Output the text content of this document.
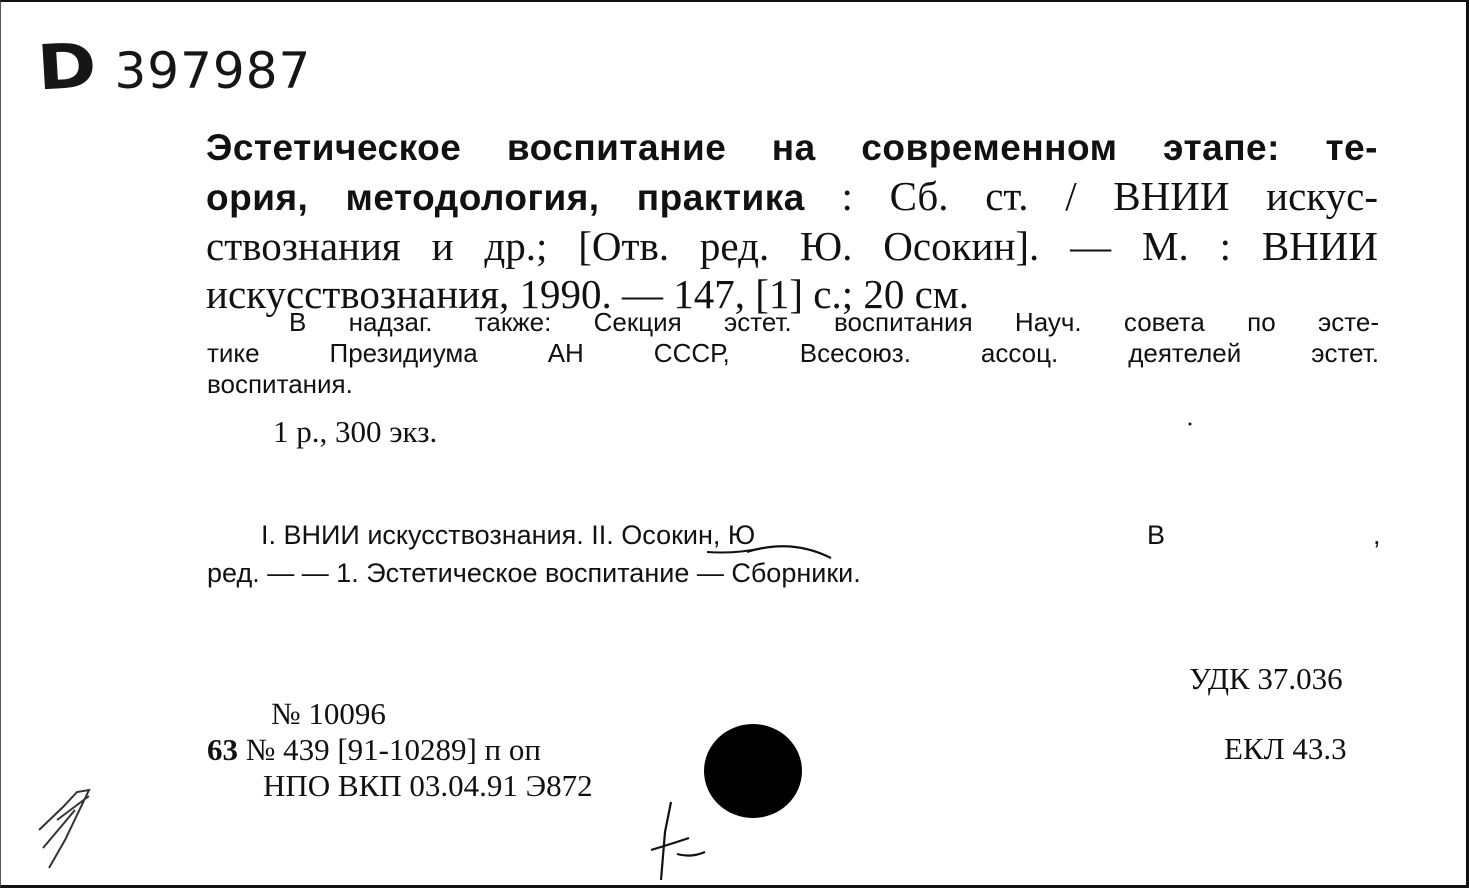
D 397987
Эстетическое воспитание на современном этапе: те-
ория, методология, практика : Сб. ст. / ВНИИ искус-
ствознания и др.; [Отв. ред. Ю. Осокин]. — М. : ВНИИ
искусствознания, 1990. — 147, [1] с.; 20 см.
В надзаг. также: Секция эстет. воспитания Науч. совета по эсте-
тике Президиума АН СССР, Всесоюз. ассоц. деятелей эстет.
воспитания.
1 р., 300 экз.
I. ВНИИ искусствознания. II. Осокин, Ю	В	,
ред. — — 1. Эстетическое воспитание — Сборники.
УДК 37.036
ЕКЛ 43.3
№ 10096
63 № 439 [91-10289] п оп
НПО ВКП 03.04.91 Э872
